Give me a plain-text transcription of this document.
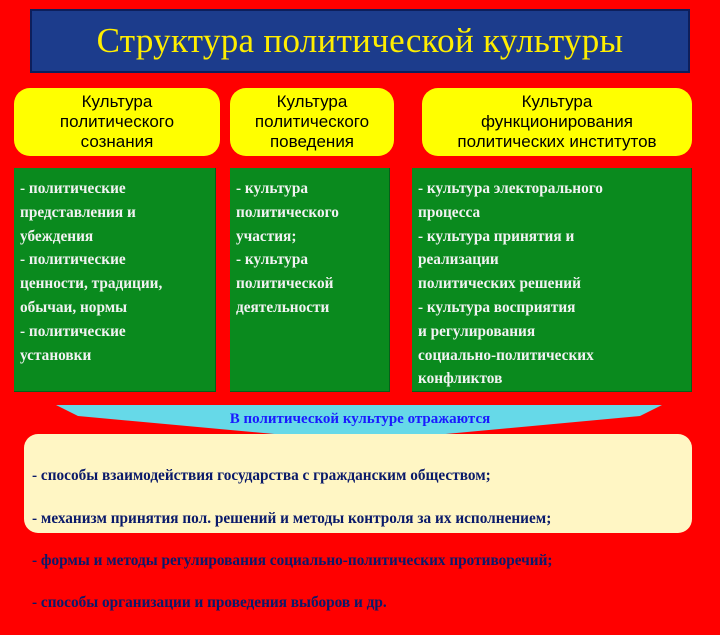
Структура политической культуры
Культура
политического
сознания
Культура
политического
поведения
Культура
функционирования
политических институтов
- политические
представления и
убеждения
- политические
ценности, традиции,
обычаи, нормы
- политические
установки
- культура
политического
участия;
- культура
политической
деятельности
- культура электорального
процесса
- культура принятия и
реализации
политических решений
- культура восприятия
и регулирования
социально-политических
конфликтов
В политической культуре отражаются

- способы взаимодействия государства с гражданским обществом;

- механизм принятия пол. решений и методы контроля за их исполнением;

- формы и методы регулирования социально-политических противоречий;

- способы организации и проведения выборов и др.
